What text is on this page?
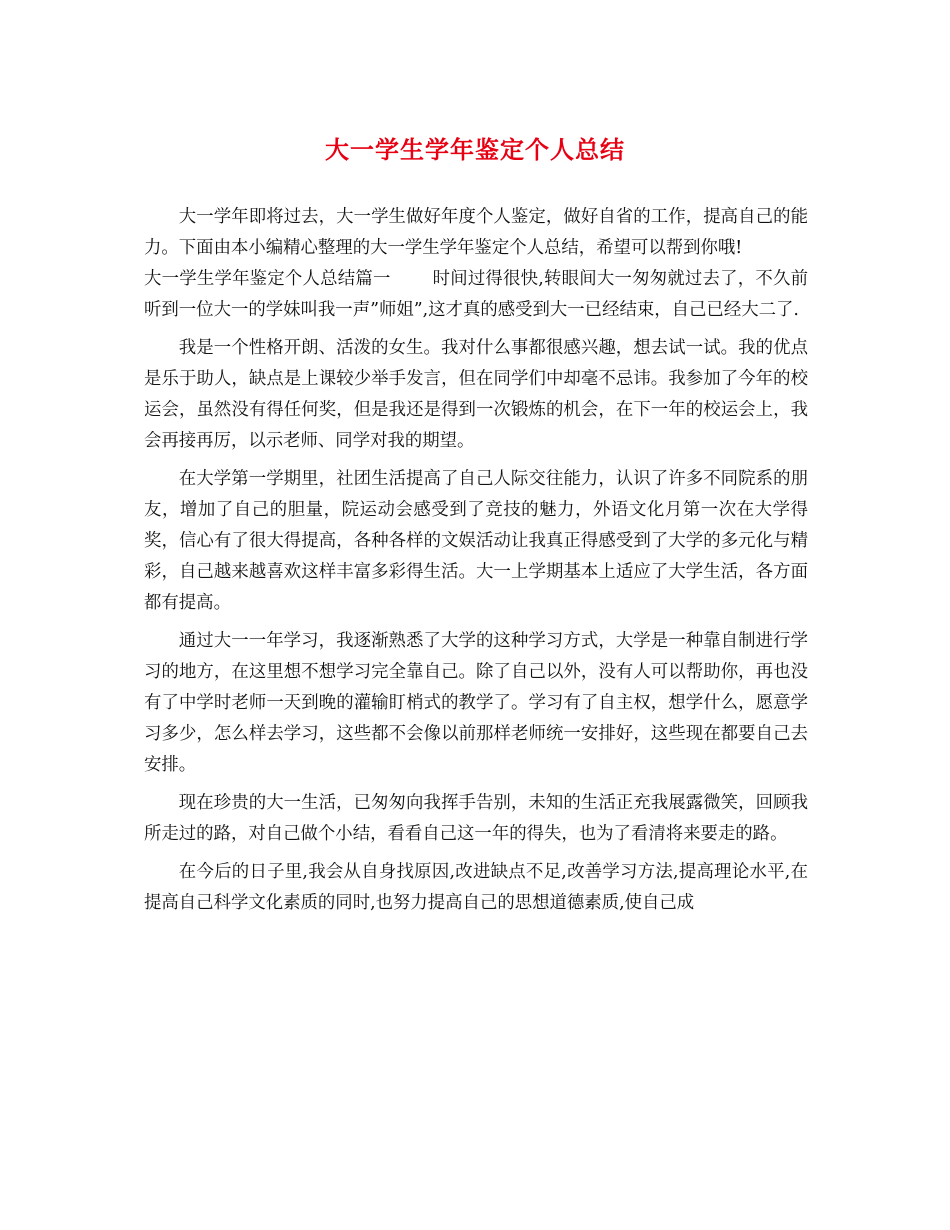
大一学生学年鉴定个人总结

大一学年即将过去，大一学生做好年度个人鉴定，做好自省的工作，提高自己的能力。下面由本小编精心整理的大一学生学年鉴定个人总结，希望可以帮到你哦!

大一学生学年鉴定个人总结篇一 时间过得很快,转眼间大一匆匆就过去了，不久前听到一位大一的学妹叫我一声”师姐”,这才真的感受到大一已经结束，自己已经大二了.

我是一个性格开朗、活泼的女生。我对什么事都很感兴趣，想去试一试。我的优点是乐于助人，缺点是上课较少举手发言，但在同学们中却毫不忌讳。我参加了今年的校运会，虽然没有得任何奖，但是我还是得到一次锻炼的机会，在下一年的校运会上，我会再接再厉，以示老师、同学对我的期望。

在大学第一学期里，社团生活提高了自己人际交往能力，认识了许多不同院系的朋友，增加了自己的胆量，院运动会感受到了竞技的魅力，外语文化月第一次在大学得奖，信心有了很大得提高，各种各样的文娱活动让我真正得感受到了大学的多元化与精彩，自己越来越喜欢这样丰富多彩得生活。大一上学期基本上适应了大学生活，各方面都有提高。

通过大一一年学习，我逐渐熟悉了大学的这种学习方式，大学是一种靠自制进行学习的地方，在这里想不想学习完全靠自己。除了自己以外，没有人可以帮助你，再也没有了中学时老师一天到晚的灌输盯梢式的教学了。学习有了自主权，想学什么，愿意学习多少，怎么样去学习，这些都不会像以前那样老师统一安排好，这些现在都要自己去安排。

现在珍贵的大一生活，已匆匆向我挥手告别，未知的生活正充我展露微笑，回顾我所走过的路，对自己做个小结，看看自己这一年的得失，也为了看清将来要走的路。

在今后的日子里,我会从自身找原因,改进缺点不足,改善学习方法,提高理论水平,在提高自己科学文化素质的同时,也努力提高自己的思想道德素质,使自己成
